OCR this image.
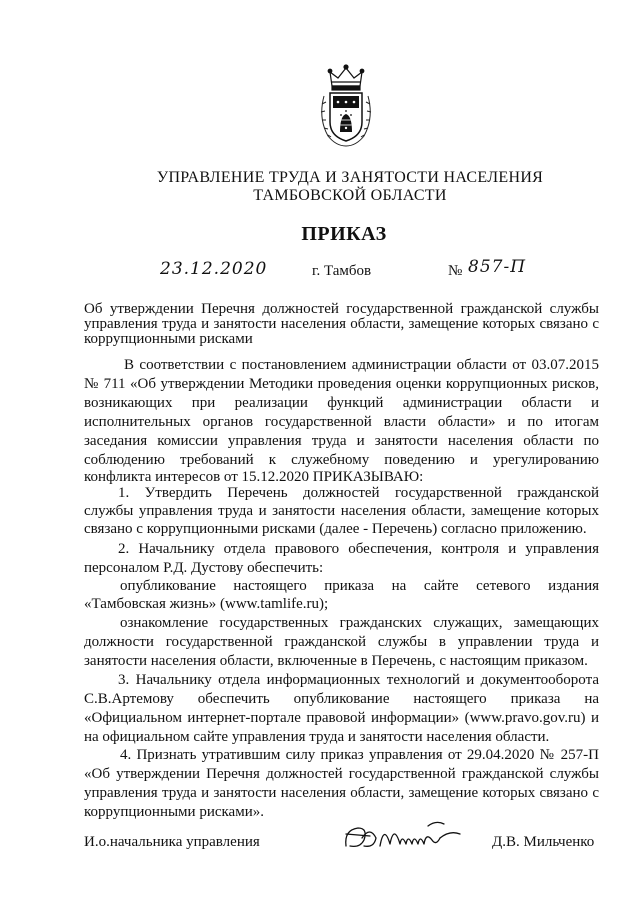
УПРАВЛЕНИЕ ТРУДА И ЗАНЯТОСТИ НАСЕЛЕНИЯ
ТАМБОВСКОЙ ОБЛАСТИ
ПРИКАЗ
23.12.2020	г. Тамбов	№ 857-П
Об утверждении Перечня должностей государственной гражданской службы
управления труда и занятости населения области, замещение которых связано с
коррупционными рисками
В соответствии с постановлением администрации области от 03.07.2015
№ 711 «Об утверждении Методики проведения оценки коррупционных рисков,
возникающих при реализации функций администрации области и
исполнительных органов государственной власти области» и по итогам
заседания комиссии управления труда и занятости населения области по
соблюдению требований к служебному поведению и урегулированию
конфликта интересов от 15.12.2020 ПРИКАЗЫВАЮ:
1. Утвердить Перечень должностей государственной гражданской
службы управления труда и занятости населения области, замещение которых
связано с коррупционными рисками (далее - Перечень) согласно приложению.
2. Начальнику отдела правового обеспечения, контроля и управления
персоналом Р.Д. Дустову обеспечить:
опубликование настоящего приказа на сайте сетевого издания
«Тамбовская жизнь» (www.tamlife.ru);
ознакомление государственных гражданских служащих, замещающих
должности государственной гражданской службы в управлении труда и
занятости населения области, включенные в Перечень, с настоящим приказом.
3. Начальнику отдела информационных технологий и документооборота
С.В.Артемову обеспечить опубликование настоящего приказа на
«Официальном интернет-портале правовой информации» (www.pravo.gov.ru) и
на официальном сайте управления труда и занятости населения области.
4. Признать утратившим силу приказ управления от 29.04.2020 № 257-П
«Об утверждении Перечня должностей государственной гражданской службы
управления труда и занятости населения области, замещение которых связано с
коррупционными рисками».
И.о.начальника управления	Д.В. Мильченко
